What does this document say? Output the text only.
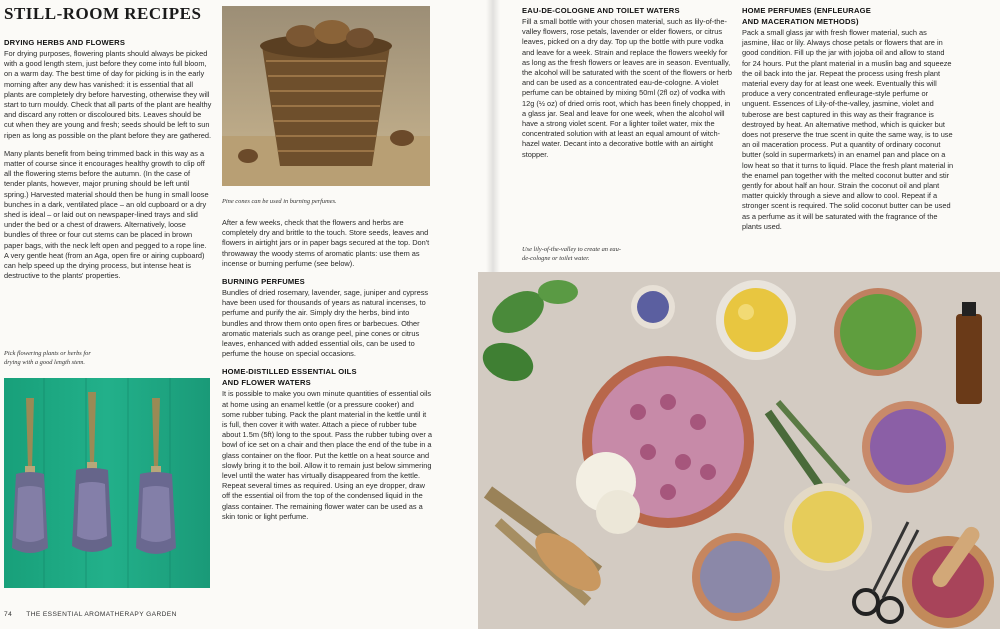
STILL-ROOM RECIPES
DRYING HERBS AND FLOWERS

For drying purposes, flowering plants should always be picked with a good length stem, just before they come into full bloom, on a warm day. The best time of day for picking is in the early morning after any dew has vanished: it is essential that all plants are completely dry before harvesting, otherwise they will start to turn mouldy. Check that all parts of the plant are healthy and discard any rotten or discoloured bits. Leaves should be cut when they are young and fresh; seeds should be left to sun ripen as long as possible on the plant before they are gathered.

Many plants benefit from being trimmed back in this way as a matter of course since it encourages healthy growth to clip off all the flowering stems before the autumn. (In the case of tender plants, however, major pruning should be left until spring.) Harvested material should then be hung in small loose bunches in a dark, ventilated place – an old cupboard or a dry shed is ideal – or laid out on newspaper-lined trays and slid under the bed or a chest of drawers. Alternatively, loose bundles of three or four cut stems can be placed in brown paper bags, with the neck left open and pegged to a rope line. A very gentle heat (from an Aga, open fire or airing cupboard) can help speed up the drying process, but intense heat is destructive to the plants' properties.

Pick flowering plants or herbs for drying with a good length stem.
Pine cones can be used in burning perfumes.

After a few weeks, check that the flowers and herbs are completely dry and brittle to the touch. Store seeds, leaves and flowers in airtight jars or in paper bags secured at the top. Don't throwaway the woody stems of aromatic plants: use them as incense or burning perfume (see below).

BURNING PERFUMES

Bundles of dried rosemary, lavender, sage, juniper and cypress have been used for thousands of years as natural incenses, to perfume and purify the air. Simply dry the herbs, bind into bundles and throw them onto open fires or barbecues. Other aromatic materials such as orange peel, pine cones or citrus leaves, enhanced with added essential oils, can be used to perfume the house on special occasions.

HOME-DISTILLED ESSENTIAL OILS
AND FLOWER WATERS

It is possible to make you own minute quantities of essential oils at home using an enamel kettle (or a pressure cooker) and some rubber tubing. Pack the plant material in the kettle until it is full, then cover it with water. Attach a piece of rubber tube about 1.5m (5ft) long to the spout. Pass the rubber tubing over a bowl of ice set on a chair and then place the end of the tube in a glass container on the floor. Put the kettle on a heat source and slowly bring it to the boil. Allow it to remain just below simmering level until the water has virtually disappeared from the kettle. Repeat several times as required. Using an eye dropper, draw off the essential oil from the top of the condensed liquid in the glass container. The remaining flower water can be used as a skin tonic or light perfume.

74 THE ESSENTIAL AROMATHERAPY GARDEN
EAU-DE-COLOGNE AND TOILET WATERS

Fill a small bottle with your chosen material, such as lily-of-the-valley flowers, rose petals, lavender or elder flowers, or citrus leaves, picked on a dry day. Top up the bottle with pure vodka and leave for a week. Strain and replace the flowers weekly for as long as the fresh flowers or leaves are in season. Eventually, the alcohol will be saturated with the scent of the flowers or herb and can be used as a concentrated eau-de-cologne. A violet perfume can be obtained by mixing 50ml (2fl oz) of vodka with 12g (½ oz) of dried orris root, which has been finely chopped, in a glass jar. Seal and leave for one week, when the alcohol will have a strong violet scent. For a lighter toilet water, mix the concentrated solution with at least an equal amount of witch-hazel water. Decant into a decorative bottle with an airtight stopper.

Use lily-of-the-valley to create an eau-de-cologne or toilet water.
HOME PERFUMES (ENFLEURAGE
AND MACERATION METHODS)

Pack a small glass jar with fresh flower material, such as jasmine, lilac or lily. Always chose petals or flowers that are in good condition. Fill up the jar with jojoba oil and allow to stand for 24 hours. Put the plant material in a muslin bag and squeeze the oil back into the jar. Repeat the process using fresh plant material every day for at least one week. Eventually this will produce a very concentrated enfleurage-style perfume or unguent. Essences of Lily-of-the-valley, jasmine, violet and tuberose are best captured in this way as their fragrance is destroyed by heat. An alternative method, which is quicker but does not preserve the true scent in quite the same way, is to use an oil maceration process. Put a quantity of ordinary coconut butter (sold in supermarkets) in an enamel pan and place on a low heat so that it turns to liquid. Place the fresh plant material in the enamel pan together with the melted coconut butter and stir gently for about half an hour. Strain the coconut oil and plant matter quickly through a sieve and allow to cool. Repeat if a stronger scent is required. The solid coconut butter can be used as a perfume as it will be saturated with the fragrance of the plants used.
